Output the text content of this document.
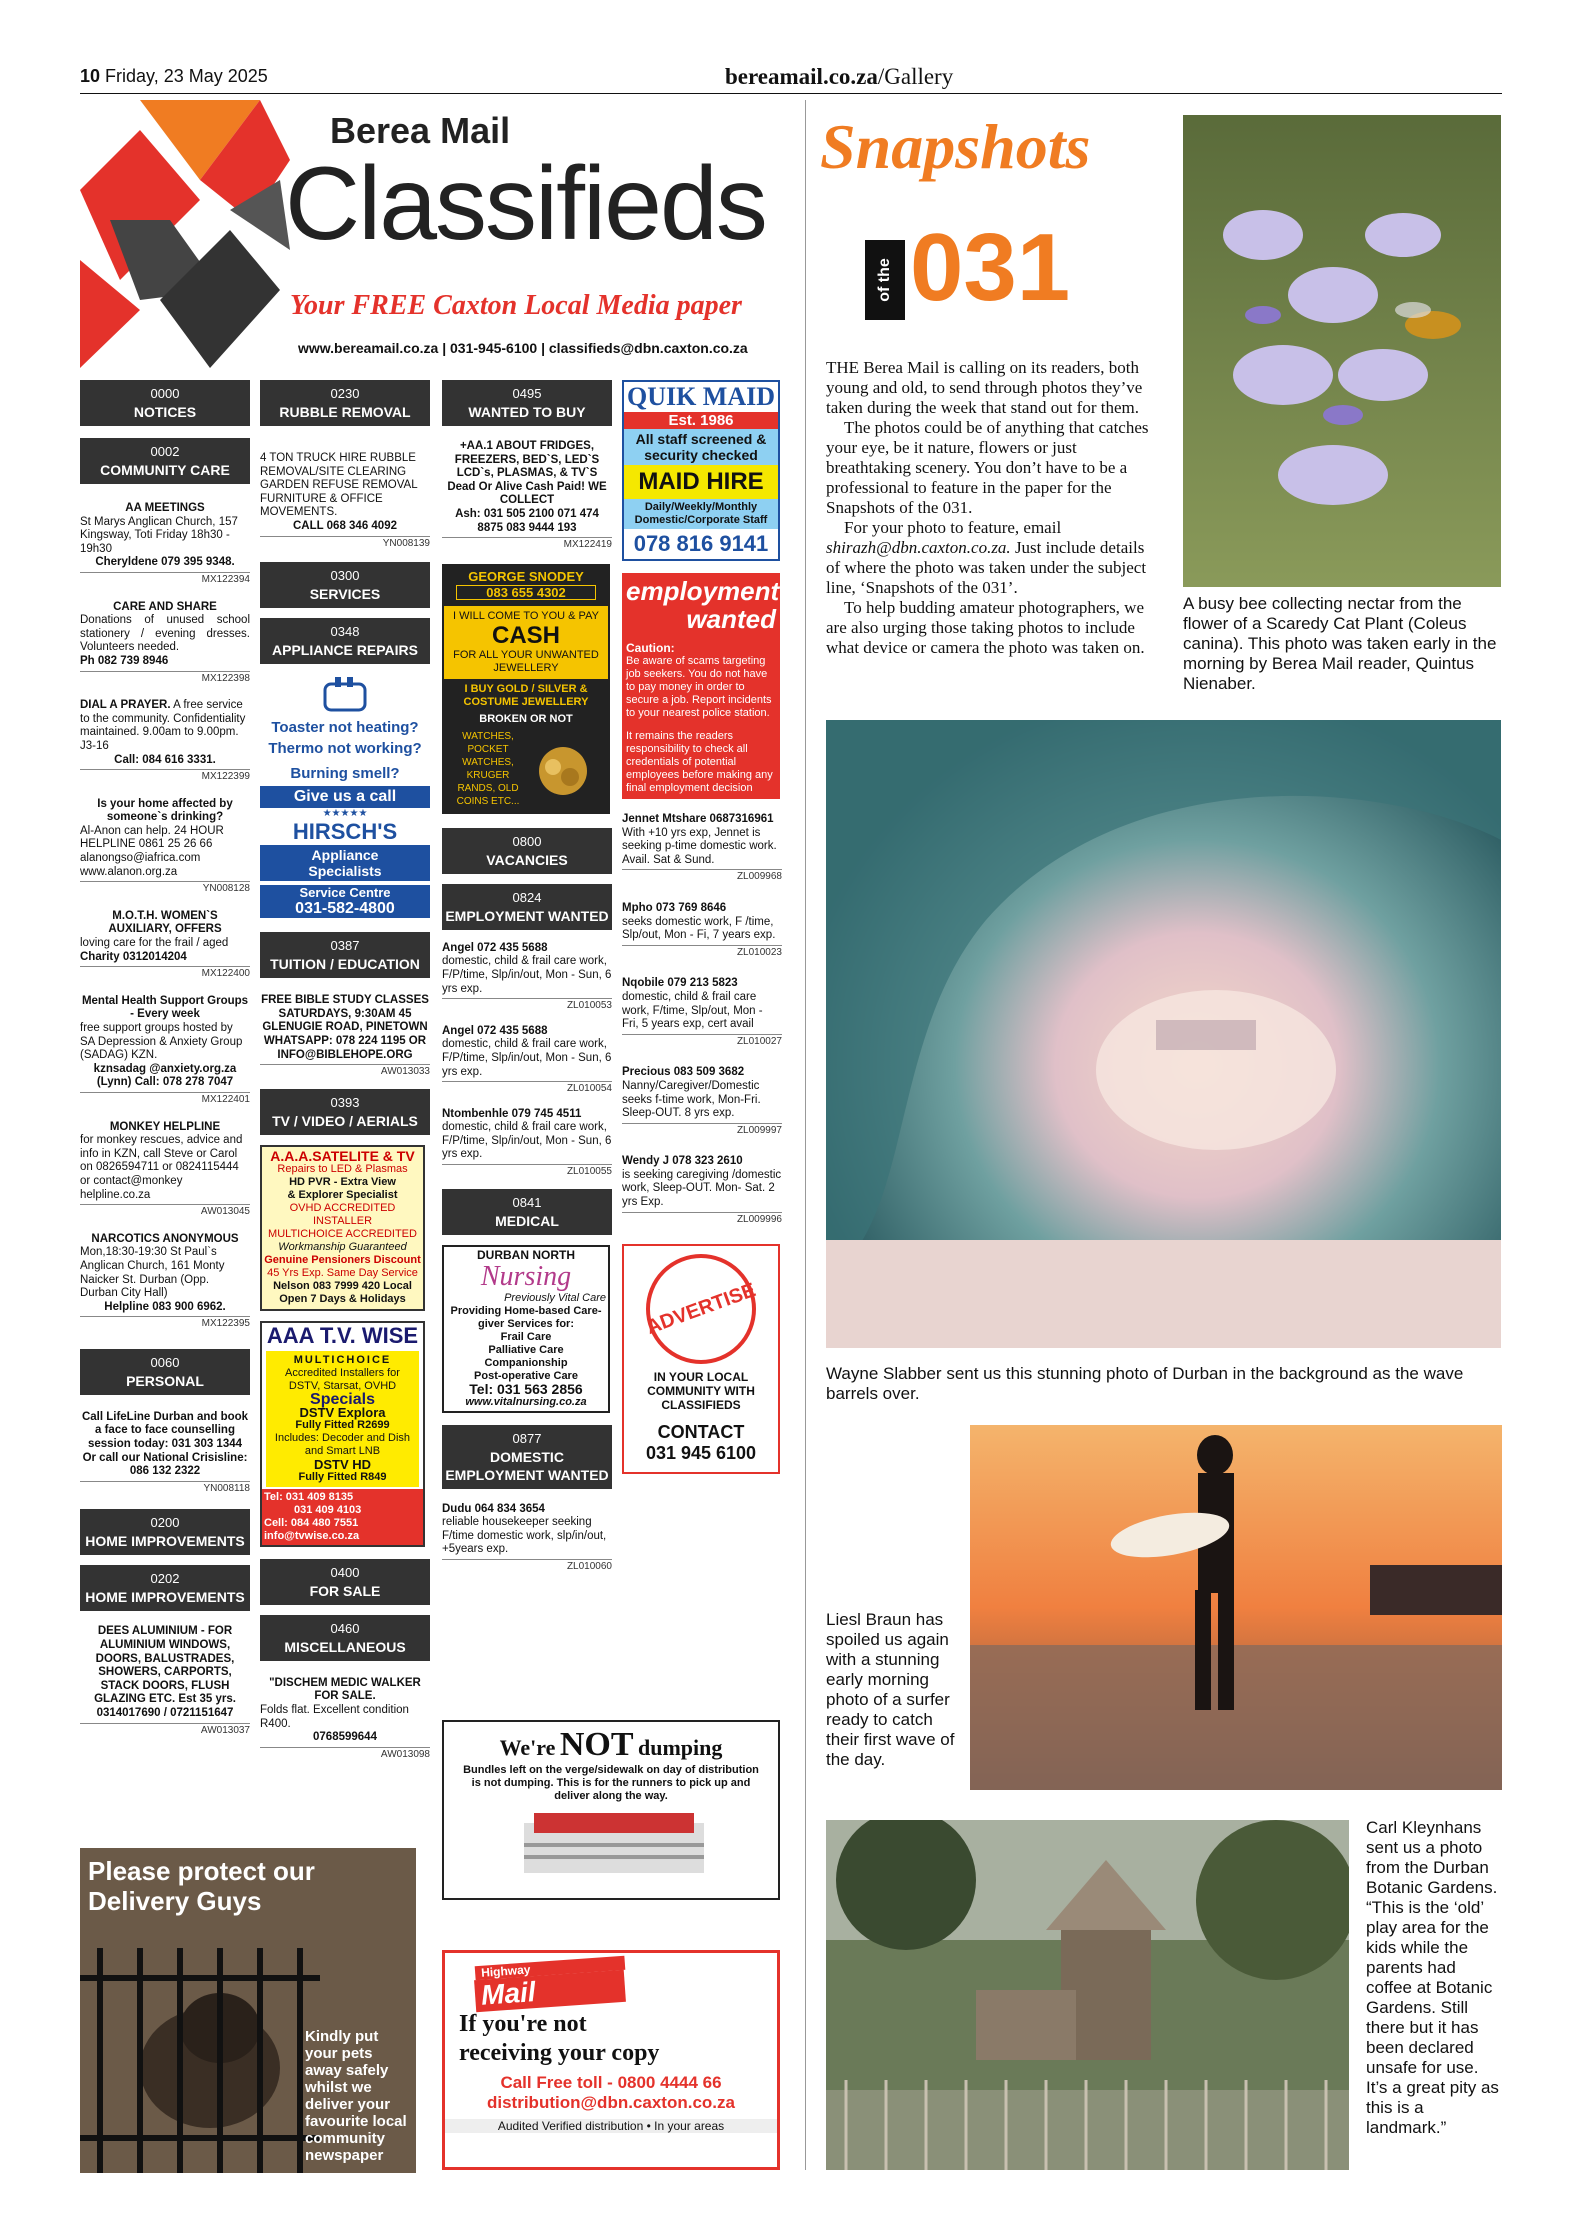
10 Friday, 23 May 2025	bereamail.co.za/Gallery
Berea Mail
Classifieds
Your FREE Caxton Local Media paper
www.bereamail.co.za | 031-945-6100 | classifieds@dbn.caxton.co.za
0000
NOTICES
0002
COMMUNITY CARE
AA MEETINGS
St Marys Anglican Church, 157 Kingsway, Toti Friday 18h30 - 19h30
Cheryldene 079 395 9348.
MX122394
CARE AND SHARE
Donations of unused school stationery / evening dresses. Volunteers needed.
Ph 082 739 8946
MX122398
DIAL A PRAYER. A free service to the community. Confidentiality maintained. 9.00am to 9.00pm. J3-16
Call: 084 616 3331.
MX122399
Is your home affected by someone`s drinking?
Al-Anon can help. 24 HOUR HELPLINE 0861 25 26 66 alanongso@iafrica.com www.alanon.org.za
YN008128
M.O.T.H. WOMEN`S AUXILIARY, OFFERS
loving care for the frail / aged Charity 0312014204
MX122400
Mental Health Support Groups - Every week
free support groups hosted by SA Depression & Anxiety Group (SADAG) KZN.
kznsadag @anxiety.org.za
(Lynn) Call: 078 278 7047
MX122401
MONKEY HELPLINE
for monkey rescues, advice and info in KZN, call Steve or Carol on 0826594711 or 0824115444 or contact@monkey helpline.co.za
AW013045
NARCOTICS ANONYMOUS
Mon,18:30-19:30 St Paul`s Anglican Church, 161 Monty Naicker St. Durban (Opp. Durban City Hall)
Helpline 083 900 6962.
MX122395
0060
PERSONAL
Call LifeLine Durban and book a face to face counselling session today: 031 303 1344 Or call our National Crisisline: 086 132 2322
YN008118
0200
HOME IMPROVEMENTS
0202
HOME IMPROVEMENTS
DEES ALUMINIUM - FOR ALUMINIUM WINDOWS, DOORS, BALUSTRADES, SHOWERS, CARPORTS, STACK DOORS, FLUSH GLAZING ETC. Est 35 yrs. 0314017690 / 0721151647
AW013037
Please protect our Delivery Guys
Kindly put your pets away safely whilst we deliver your favourite local community newspaper
0230
RUBBLE REMOVAL
4 TON TRUCK HIRE RUBBLE REMOVAL/SITE CLEARING GARDEN REFUSE REMOVAL FURNITURE & OFFICE MOVEMENTS.
CALL 068 346 4092
YN008139
0300
SERVICES
0348
APPLIANCE REPAIRS
Toaster not heating?
Thermo not working?
Burning smell?
Give us a call
★★★★★
HIRSCH'S
Appliance Specialists
Service Centre
031-582-4800
0387
TUITION / EDUCATION
FREE BIBLE STUDY CLASSES SATURDAYS, 9:30AM 45 GLENUGIE ROAD, PINETOWN WHATSAPP: 078 224 1195 OR INFO@BIBLEHOPE.ORG
AW013033
0393
TV / VIDEO / AERIALS
A.A.A.SATELITE & TV
Repairs to LED & Plasmas
HD PVR - Extra View
& Explorer Specialist
OVHD ACCREDITED INSTALLER
MULTICHOICE ACCREDITED
Workmanship Guaranteed
Genuine Pensioners Discount
45 Yrs Exp. Same Day Service
Nelson 083 7999 420 Local
Open 7 Days & Holidays
AAA T.V. WISE
MULTICHOICE
Accredited Installers for DSTV, Starsat, OVHD
Specials
DSTV Explora
Fully Fitted R2699
Includes: Decoder and Dish and Smart LNB
DSTV HD
Fully Fitted R849
Tel: 031 409 8135
031 409 4103
Cell: 084 480 7551
info@tvwise.co.za
0400
FOR SALE
0460
MISCELLANEOUS
"DISCHEM MEDIC WALKER FOR SALE.
Folds flat. Excellent condition R400.
0768599644
AW013098
0495
WANTED TO BUY
+AA.1 ABOUT FRIDGES, FREEZERS, BED`S, LED`S LCD`s, PLASMAS, & TV`S
Dead Or Alive Cash Paid! WE COLLECT
Ash: 031 505 2100 071 474 8875 083 9444 193
MX122419
GEORGE SNODEY
083 655 4302
I WILL COME TO YOU & PAY
CASH
FOR ALL YOUR UNWANTED JEWELLERY
I BUY GOLD / SILVER & COSTUME JEWELLERY
BROKEN OR NOT
WATCHES, POCKET WATCHES, KRUGER RANDS, OLD COINS ETC...
0800
VACANCIES
0824
EMPLOYMENT WANTED
Angel 072 435 5688
domestic, child & frail care work, F/P/time, Slp/in/out, Mon - Sun, 6 yrs exp.
ZL010053
Angel 072 435 5688
domestic, child & frail care work, F/P/time, Slp/in/out, Mon - Sun, 6 yrs exp.
ZL010054
Ntombenhle 079 745 4511
domestic, child & frail care work, F/P/time, Slp/in/out, Mon - Sun, 6 yrs exp.
ZL010055
0841
MEDICAL
DURBAN NORTH
Nursing
Previously Vital Care
Providing Home-based Care-giver Services for:
Frail Care
Palliative Care
Companionship
Post-operative Care
Tel: 031 563 2856
www.vitalnursing.co.za
0877
DOMESTIC EMPLOYMENT WANTED
Dudu 064 834 3654
reliable housekeeper seeking F/time domestic work, slp/in/out, +5years exp.
ZL010060
QUIK MAID
Est. 1986
All staff screened & security checked
MAID HIRE
Daily/Weekly/Monthly Domestic/Corporate Staff
078 816 9141
employment wanted
Caution:
Be aware of scams targeting job seekers. You do not have to pay money in order to secure a job. Report incidents to your nearest police station.
It remains the readers responsibility to check all credentials of potential employees before making any final employment decision
Jennet Mtshare 0687316961
With +10 yrs exp, Jennet is seeking p-time domestic work. Avail. Sat & Sund.
ZL009968
Mpho 073 769 8646
seeks domestic work, F /time, Slp/out, Mon - Fi, 7 years exp.
ZL010023
Nqobile 079 213 5823
domestic, child & frail care work, F/time, Slp/out, Mon - Fri, 5 years exp, cert avail
ZL010027
Precious 083 509 3682
Nanny/Caregiver/Domestic seeks f-time work, Mon-Fri. Sleep-OUT. 8 yrs exp.
ZL009997
Wendy J 078 323 2610
is seeking caregiving /domestic work, Sleep-OUT. Mon- Sat. 2 yrs Exp.
ZL009996
ADVERTISE
IN YOUR LOCAL COMMUNITY WITH CLASSIFIEDS
CONTACT
031 945 6100
We're NOT dumping
Bundles left on the verge/sidewalk on day of distribution is not dumping. This is for the runners to pick up and deliver along the way.
Highway
Mail
If you're not
receiving your copy
Call Free toll - 0800 4444 66
distribution@dbn.caxton.co.za
Audited Verified distribution • In your areas
Snapshots
of the 031
THE Berea Mail is calling on its readers, both young and old, to send through photos they’ve taken during the week that stand out for them.
The photos could be of anything that catches your eye, be it nature, flowers or just breathtaking scenery. You don’t have to be a professional to feature in the paper for the Snapshots of the 031.
For your photo to feature, email shirazh@dbn.caxton.co.za. Just include details of where the photo was taken under the subject line, ‘Snapshots of the 031’.
To help budding amateur photographers, we are also urging those taking photos to include what device or camera the photo was taken on.
A busy bee collecting nectar from the flower of a Scaredy Cat Plant (Coleus canina). This photo was taken early in the morning by Berea Mail reader, Quintus Nienaber.
Wayne Slabber sent us this stunning photo of Durban in the background as the wave barrels over.
Liesl Braun has spoiled us again with a stunning early morning photo of a surfer ready to catch their first wave of the day.
Carl Kleynhans sent us a photo from the Durban Botanic Gardens. “This is the ‘old’ play area for the kids while the parents had coffee at Botanic Gardens. Still there but it has been declared unsafe for use. It’s a great pity as this is a landmark.”
